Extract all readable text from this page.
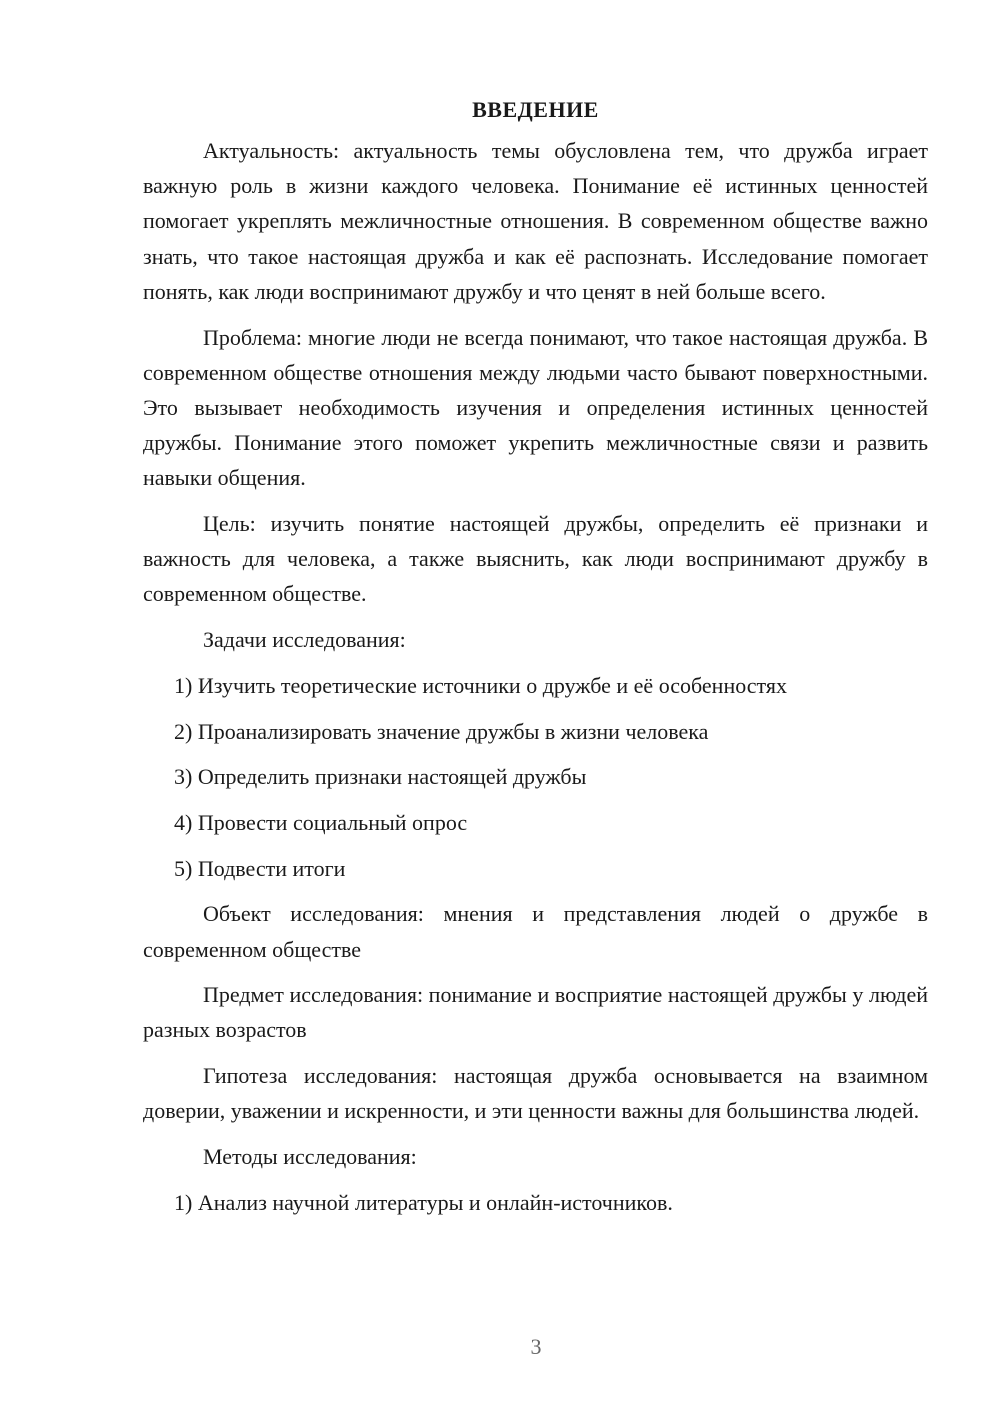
ВВЕДЕНИЕ

Актуальность: актуальность темы обусловлена тем, что дружба играет важную роль в жизни каждого человека. Понимание её истинных ценностей помогает укреплять межличностные отношения. В современном обществе важно знать, что такое настоящая дружба и как её распознать. Исследование помогает понять, как люди воспринимают дружбу и что ценят в ней больше всего.

Проблема: многие люди не всегда понимают, что такое настоящая дружба. В современном обществе отношения между людьми часто бывают поверхностными. Это вызывает необходимость изучения и определения истинных ценностей дружбы. Понимание этого поможет укрепить межличностные связи и развить навыки общения.

Цель: изучить понятие настоящей дружбы, определить её признаки и важность для человека, а также выяснить, как люди воспринимают дружбу в современном обществе.

Задачи исследования:

1) Изучить теоретические источники о дружбе и её особенностях
2) Проанализировать значение дружбы в жизни человека
3) Определить признаки настоящей дружбы
4) Провести социальный опрос
5) Подвести итоги

Объект исследования: мнения и представления людей о дружбе в современном обществе

Предмет исследования: понимание и восприятие настоящей дружбы у людей разных возрастов

Гипотеза исследования: настоящая дружба основывается на взаимном доверии, уважении и искренности, и эти ценности важны для большинства людей.

Методы исследования:

1) Анализ научной литературы и онлайн-источников.
3
